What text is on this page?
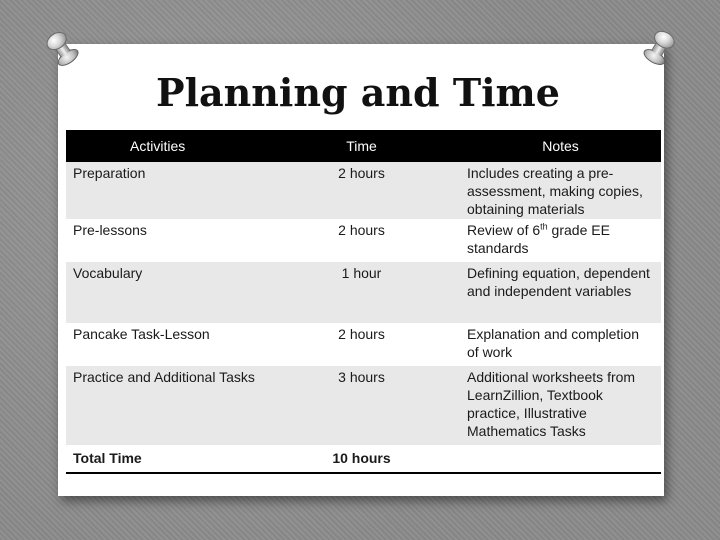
Planning and Time
Activities	Time	Notes
Preparation	2 hours	Includes creating a pre-assessment, making copies, obtaining materials
Pre-lessons	2 hours	Review of 6th grade EE standards
Vocabulary	1 hour	Defining equation, dependent and independent variables
Pancake Task-Lesson	2 hours	Explanation and completion of work
Practice and Additional Tasks	3 hours	Additional worksheets from LearnZillion, Textbook practice, Illustrative Mathematics Tasks
Total Time	10 hours	
